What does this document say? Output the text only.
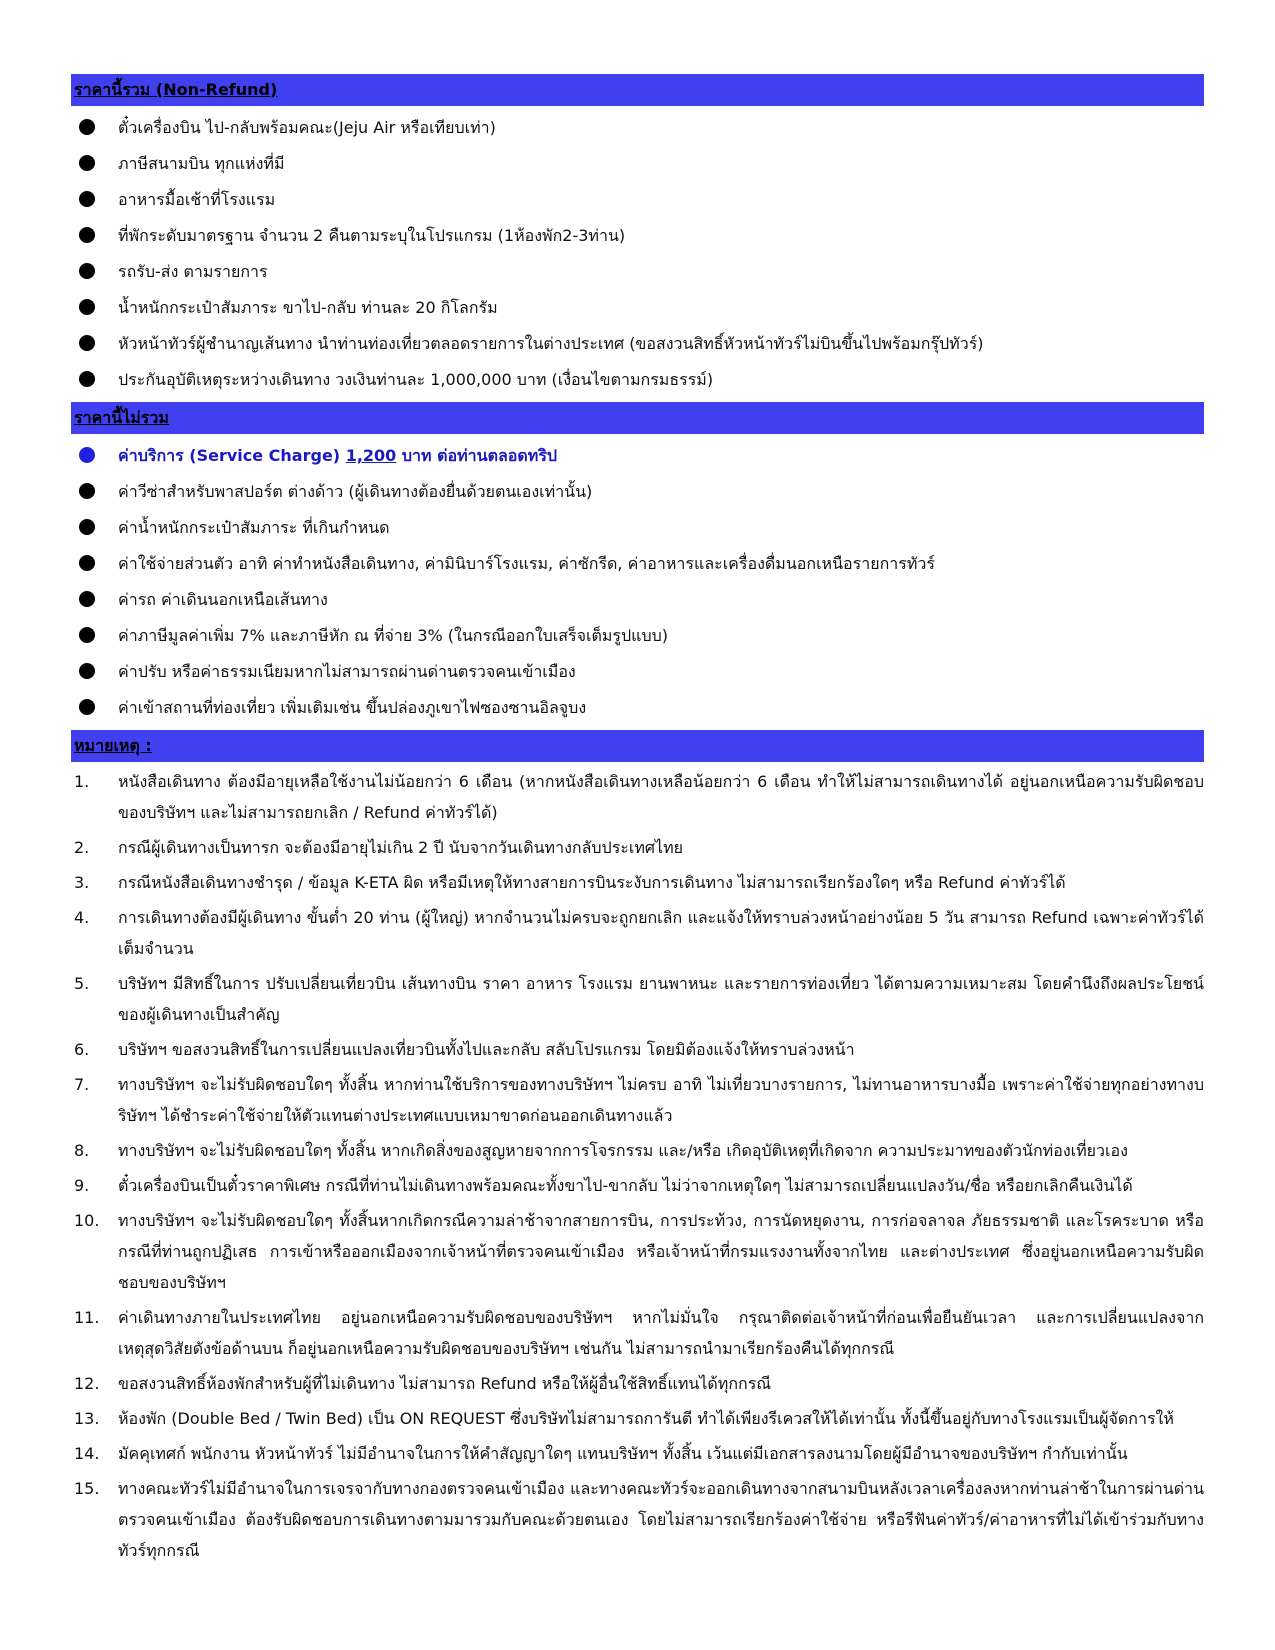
ราคานี้รวม (Non-Refund)
ตั๋วเครื่องบิน ไป-กลับพร้อมคณะ(Jeju Air หรือเทียบเท่า)
ภาษีสนามบิน ทุกแห่งที่มี
อาหารมื้อเช้าที่โรงแรม
ที่พักระดับมาตรฐาน จำนวน 2 คืนตามระบุในโปรแกรม (1ห้องพัก2-3ท่าน)
รถรับ-ส่ง ตามรายการ
น้ำหนักกระเป๋าสัมภาระ ขาไป-กลับ ท่านละ 20 กิโลกรัม
หัวหน้าทัวร์ผู้ชำนาญเส้นทาง นำท่านท่องเที่ยวตลอดรายการในต่างประเทศ (ขอสงวนสิทธิ์หัวหน้าทัวร์ไม่บินขึ้นไปพร้อมกรุ๊ปทัวร์)
ประกันอุบัติเหตุระหว่างเดินทาง วงเงินท่านละ 1,000,000 บาท (เงื่อนไขตามกรมธรรม์)
ราคานี้ไม่รวม
ค่าบริการ (Service Charge) 1,200 บาท ต่อท่านตลอดทริป
ค่าวีซ่าสำหรับพาสปอร์ต ต่างด้าว (ผู้เดินทางต้องยื่นด้วยตนเองเท่านั้น)
ค่าน้ำหนักกระเป๋าสัมภาระ ที่เกินกำหนด
ค่าใช้จ่ายส่วนตัว อาทิ ค่าทำหนังสือเดินทาง, ค่ามินิบาร์โรงแรม, ค่าซักรีด, ค่าอาหารและเครื่องดื่มนอกเหนือรายการทัวร์
ค่ารถ ค่าเดินนอกเหนือเส้นทาง
ค่าภาษีมูลค่าเพิ่ม 7% และภาษีหัก ณ ที่จ่าย 3% (ในกรณีออกใบเสร็จเต็มรูปแบบ)
ค่าปรับ หรือค่าธรรมเนียมหากไม่สามารถผ่านด่านตรวจคนเข้าเมือง
ค่าเข้าสถานที่ท่องเที่ยว เพิ่มเติมเช่น ขึ้นปล่องภูเขาไฟซองซานอิลจูบง
หมายเหตุ :
1. หนังสือเดินทาง ต้องมีอายุเหลือใช้งานไม่น้อยกว่า 6 เดือน (หากหนังสือเดินทางเหลือน้อยกว่า 6 เดือน ทำให้ไม่สามารถเดินทางได้ อยู่นอกเหนือความรับผิดชอบของบริษัทฯ และไม่สามารถยกเลิก / Refund ค่าทัวร์ได้)
2. กรณีผู้เดินทางเป็นทารก จะต้องมีอายุไม่เกิน 2 ปี นับจากวันเดินทางกลับประเทศไทย
3. กรณีหนังสือเดินทางชำรุด / ข้อมูล K-ETA ผิด หรือมีเหตุให้ทางสายการบินระงับการเดินทาง ไม่สามารถเรียกร้องใดๆ หรือ Refund ค่าทัวร์ได้
4. การเดินทางต้องมีผู้เดินทาง ขั้นต่ำ 20 ท่าน (ผู้ใหญ่) หากจำนวนไม่ครบจะถูกยกเลิก และแจ้งให้ทราบล่วงหน้าอย่างน้อย 5 วัน สามารถ Refund เฉพาะค่าทัวร์ได้เต็มจำนวน
5. บริษัทฯ มีสิทธิ์ในการ ปรับเปลี่ยนเที่ยวบิน เส้นทางบิน ราคา อาหาร โรงแรม ยานพาหนะ และรายการท่องเที่ยว ได้ตามความเหมาะสม โดยคำนึงถึงผลประโยชน์ของผู้เดินทางเป็นสำคัญ
6. บริษัทฯ ขอสงวนสิทธิ์ในการเปลี่ยนแปลงเที่ยวบินทั้งไปและกลับ สลับโปรแกรม โดยมิต้องแจ้งให้ทราบล่วงหน้า
7. ทางบริษัทฯ จะไม่รับผิดชอบใดๆ ทั้งสิ้น หากท่านใช้บริการของทางบริษัทฯ ไม่ครบ อาทิ ไม่เที่ยวบางรายการ, ไม่ทานอาหารบางมื้อ เพราะค่าใช้จ่ายทุกอย่างทางบริษัทฯ ได้ชำระค่าใช้จ่ายให้ตัวแทนต่างประเทศแบบเหมาขาดก่อนออกเดินทางแล้ว
8. ทางบริษัทฯ จะไม่รับผิดชอบใดๆ ทั้งสิ้น หากเกิดสิ่งของสูญหายจากการโจรกรรม และ/หรือ เกิดอุบัติเหตุที่เกิดจาก ความประมาทของตัวนักท่องเที่ยวเอง
9. ตั๋วเครื่องบินเป็นตั๋วราคาพิเศษ กรณีที่ท่านไม่เดินทางพร้อมคณะทั้งขาไป-ขากลับ ไม่ว่าจากเหตุใดๆ ไม่สามารถเปลี่ยนแปลงวัน/ชื่อ หรือยกเลิกคืนเงินได้
10. ทางบริษัทฯ จะไม่รับผิดชอบใดๆ ทั้งสิ้นหากเกิดกรณีความล่าช้าจากสายการบิน, การประท้วง, การนัดหยุดงาน, การก่อจลาจล ภัยธรรมชาติ และโรคระบาด หรือกรณีที่ท่านถูกปฏิเสธ การเข้าหรือออกเมืองจากเจ้าหน้าที่ตรวจคนเข้าเมือง หรือเจ้าหน้าที่กรมแรงงานทั้งจากไทย และต่างประเทศ ซึ่งอยู่นอกเหนือความรับผิดชอบของบริษัทฯ
11. ค่าเดินทางภายในประเทศไทย อยู่นอกเหนือความรับผิดชอบของบริษัทฯ หากไม่มั่นใจ กรุณาติดต่อเจ้าหน้าที่ก่อนเพื่อยืนยันเวลา และการเปลี่ยนแปลงจากเหตุสุดวิสัยดังข้อด้านบน ก็อยู่นอกเหนือความรับผิดชอบของบริษัทฯ เช่นกัน ไม่สามารถนำมาเรียกร้องคืนได้ทุกกรณี
12. ขอสงวนสิทธิ์ห้องพักสำหรับผู้ที่ไม่เดินทาง ไม่สามารถ Refund หรือให้ผู้อื่นใช้สิทธิ์แทนได้ทุกกรณี
13. ห้องพัก (Double Bed / Twin Bed) เป็น ON REQUEST ซึ่งบริษัทไม่สามารถการันตี ทำได้เพียงรีเควสให้ได้เท่านั้น ทั้งนี้ขึ้นอยู่กับทางโรงแรมเป็นผู้จัดการให้
14. มัคคุเทศก์ พนักงาน หัวหน้าทัวร์ ไม่มีอำนาจในการให้คำสัญญาใดๆ แทนบริษัทฯ ทั้งสิ้น เว้นแต่มีเอกสารลงนามโดยผู้มีอำนาจของบริษัทฯ กำกับเท่านั้น
15. ทางคณะทัวร์ไม่มีอำนาจในการเจรจากับทางกองตรวจคนเข้าเมือง และทางคณะทัวร์จะออกเดินทางจากสนามบินหลังเวลาเครื่องลงหากท่านล่าช้าในการผ่านด่านตรวจคนเข้าเมือง ต้องรับผิดชอบการเดินทางตามมารวมกับคณะด้วยตนเอง โดยไม่สามารถเรียกร้องค่าใช้จ่าย หรือรีฟันค่าทัวร์/ค่าอาหารที่ไม่ได้เข้าร่วมกับทางทัวร์ทุกกรณี
